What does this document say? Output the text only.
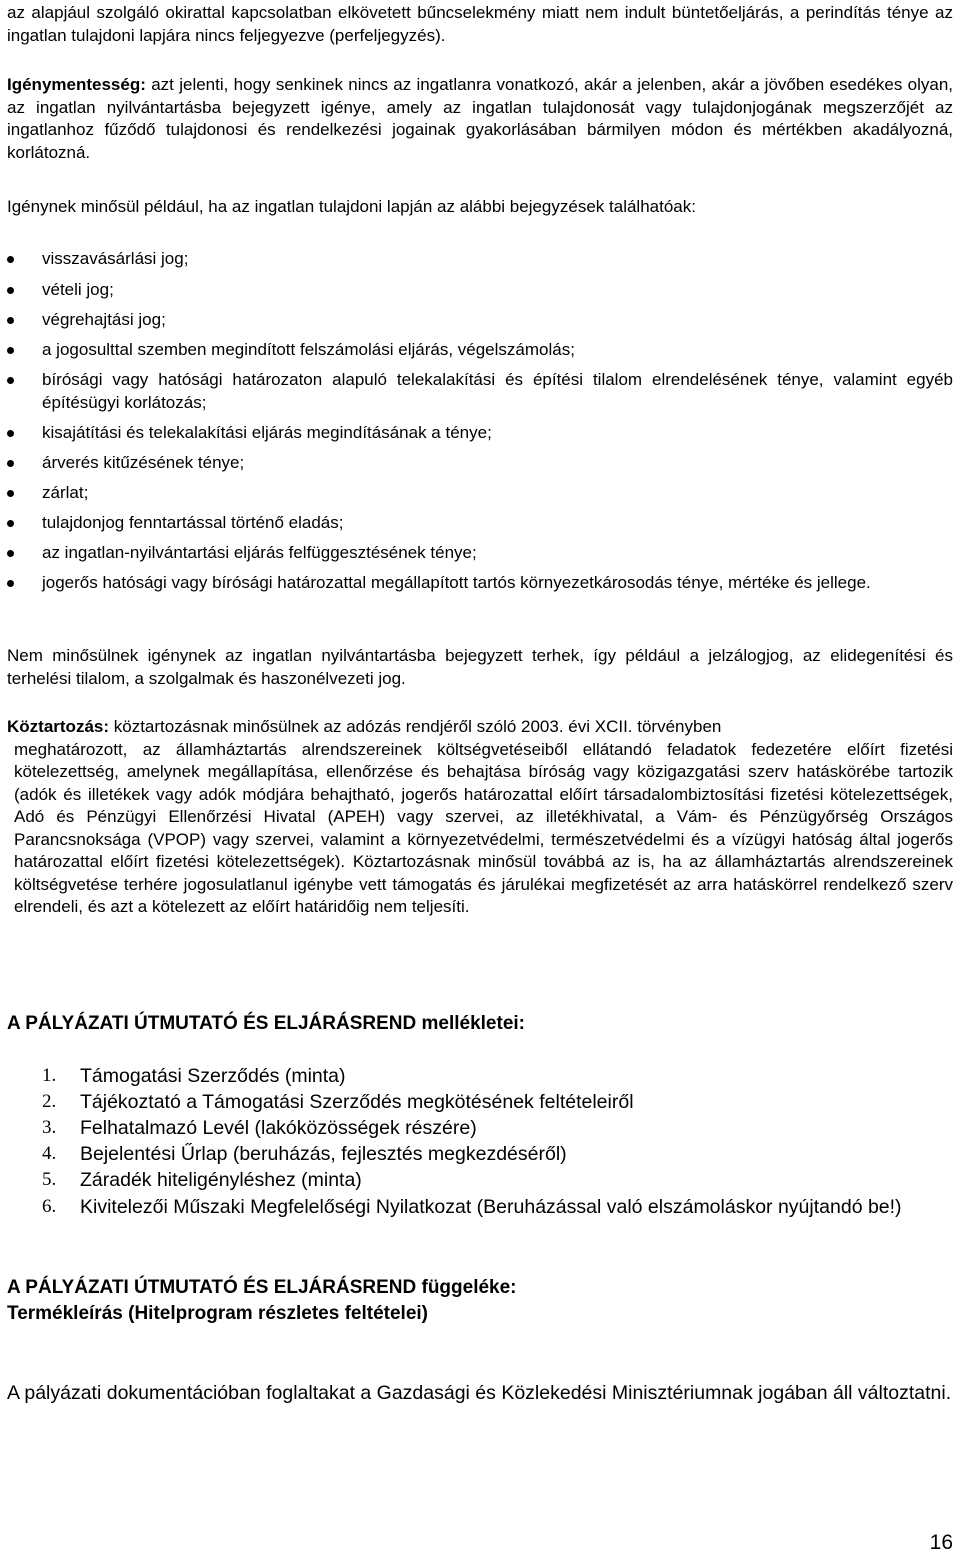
az alapjául szolgáló okirattal kapcsolatban elkövetett bűncselekmény miatt nem indult büntetőeljárás, a perindítás ténye az ingatlan tulajdoni lapjára nincs feljegyezve (perfeljegyzés).

Igénymentesség: azt jelenti, hogy senkinek nincs az ingatlanra vonatkozó, akár a jelenben, akár a jövőben esedékes olyan, az ingatlan nyilvántartásba bejegyzett igénye, amely az ingatlan tulajdonosát vagy tulajdonjogának megszerzőjét az ingatlanhoz fűződő tulajdonosi és rendelkezési jogainak gyakorlásában bármilyen módon és mértékben akadályozná, korlátozná.

Igénynek minősül például, ha az ingatlan tulajdoni lapján az alábbi bejegyzések találhatóak:

visszavásárlási jog;
vételi jog;
végrehajtási jog;
a jogosulttal szemben megindított felszámolási eljárás, végelszámolás;
bírósági vagy hatósági határozaton alapuló telekalakítási és építési tilalom elrendelésének ténye, valamint egyéb építésügyi korlátozás;
kisajátítási és telekalakítási eljárás megindításának a ténye;
árverés kitűzésének ténye;
zárlat;
tulajdonjog fenntartással történő eladás;
az ingatlan-nyilvántartási eljárás felfüggesztésének ténye;
jogerős hatósági vagy bírósági határozattal megállapított tartós környezetkárosodás ténye, mértéke és jellege.

Nem minősülnek igénynek az ingatlan nyilvántartásba bejegyzett terhek, így például a jelzálogjog, az elidegenítési és terhelési tilalom, a szolgalmak és haszonélvezeti jog.

Köztartozás: köztartozásnak minősülnek az adózás rendjéről szóló 2003. évi XCII. törvényben
meghatározott, az államháztartás alrendszereinek költségvetéseiből ellátandó feladatok fedezetére előírt fizetési kötelezettség, amelynek megállapítása, ellenőrzése és behajtása bíróság vagy közigazgatási szerv hatáskörébe tartozik (adók és illetékek vagy adók módjára behajtható, jogerős határozattal előírt társadalombiztosítási fizetési kötelezettségek, Adó és Pénzügyi Ellenőrzési Hivatal (APEH) vagy szervei, az illetékhivatal, a Vám- és Pénzügyőrség Országos Parancsnoksága (VPOP) vagy szervei, valamint a környezetvédelmi, természetvédelmi és a vízügyi hatóság által jogerős határozattal előírt fizetési kötelezettségek). Köztartozásnak minősül továbbá az is, ha az államháztartás alrendszereinek költségvetése terhére jogosulatlanul igénybe vett támogatás és járulékai megfizetését az arra hatáskörrel rendelkező szerv elrendeli, és azt a kötelezett az előírt határidőig nem teljesíti.
A PÁLYÁZATI ÚTMUTATÓ ÉS ELJÁRÁSREND mellékletei:
1. Támogatási Szerződés (minta)
2. Tájékoztató a Támogatási Szerződés megkötésének feltételeiről
3. Felhatalmazó Levél (lakóközösségek részére)
4. Bejelentési Űrlap (beruházás, fejlesztés megkezdéséről)
5. Záradék hiteligényléshez (minta)
6. Kivitelezői Műszaki Megfelelőségi Nyilatkozat (Beruházással való elszámoláskor nyújtandó be!)
A PÁLYÁZATI ÚTMUTATÓ ÉS ELJÁRÁSREND függeléke:
Termékleírás (Hitelprogram részletes feltételei)

A pályázati dokumentációban foglaltakat a Gazdasági és Közlekedési Minisztériumnak jogában áll változtatni.

16
